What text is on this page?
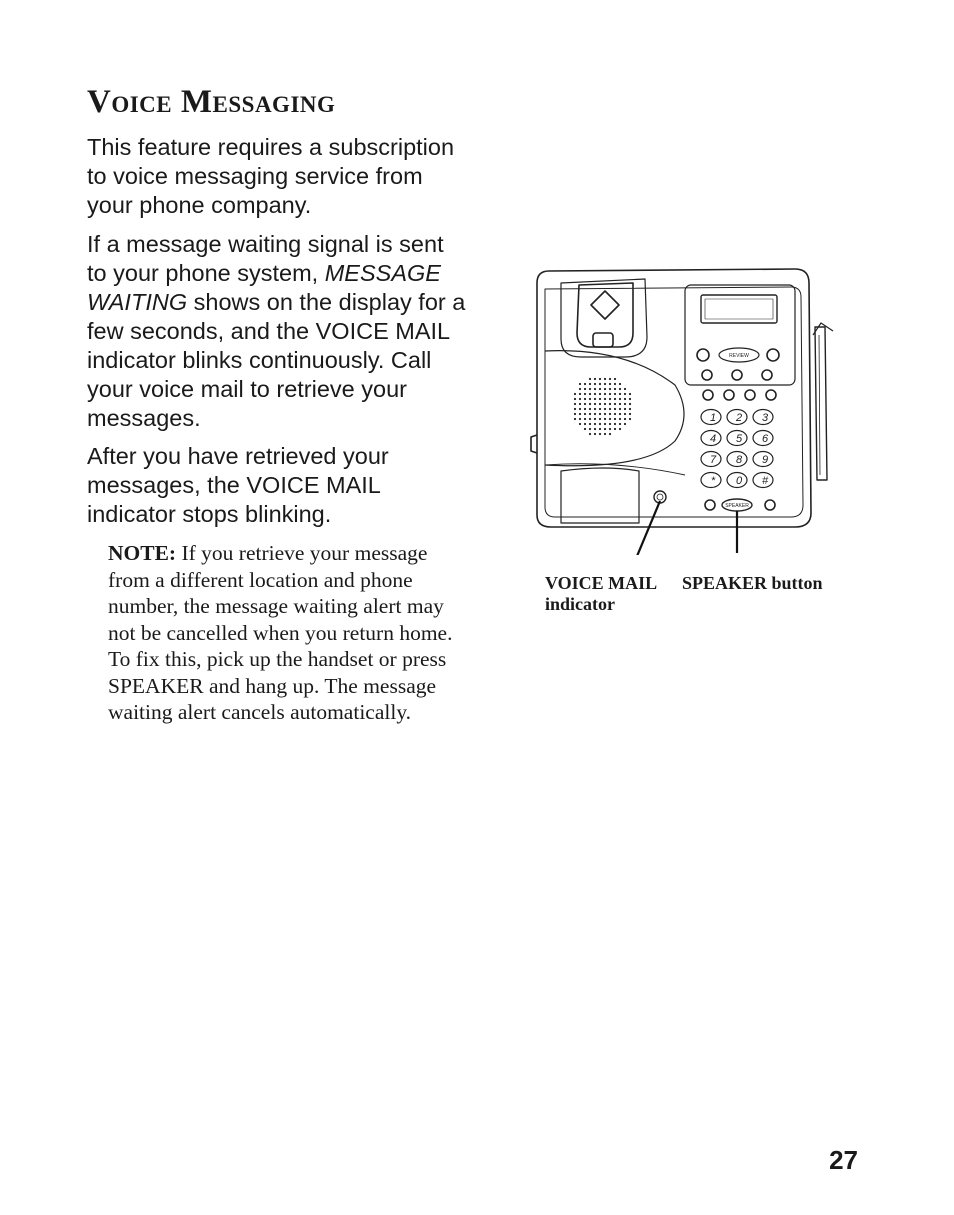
Voice Messaging

This feature requires a subscription to voice messaging service from your phone company.

If a message waiting signal is sent to your phone system, MESSAGE WAITING shows on the display for a few seconds, and the VOICE MAIL indicator blinks continuously. Call your voice mail to retrieve your messages.

After you have retrieved your messages, the VOICE MAIL indicator stops blinking.

NOTE: If you retrieve your message from a different location and phone number, the message waiting alert may not be cancelled when you return home. To fix this, pick up the handset or press SPEAKER and hang up. The message waiting alert cancels automatically.

1 2 3
4 5 6
7 8 9
* 0 #
REVIEW
SPEAKER
VOICE MAIL indicator
SPEAKER button
27
